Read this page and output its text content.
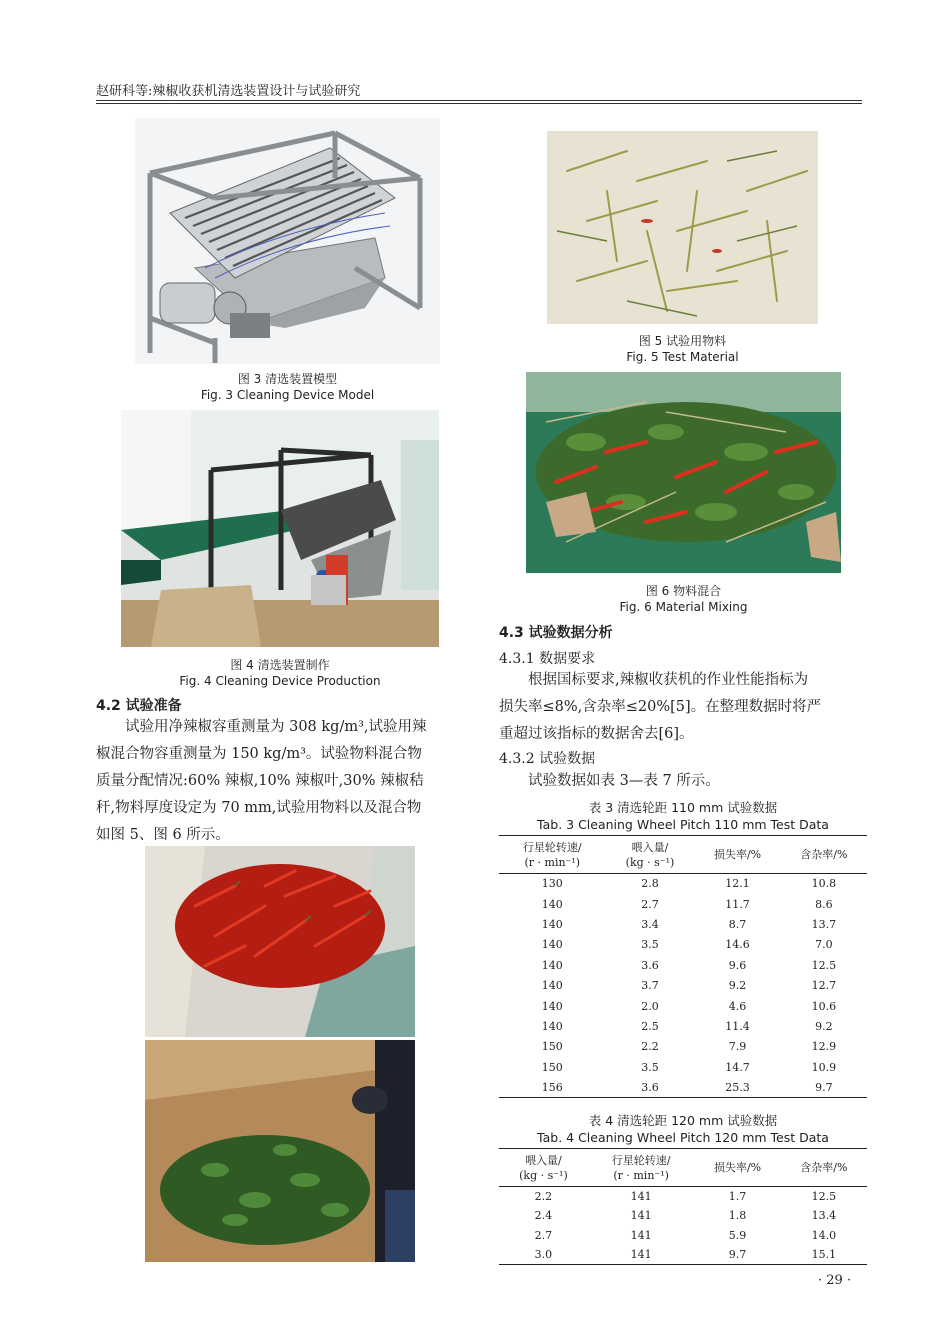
赵研科等:辣椒收获机清选装置设计与试验研究
图 3 清选装置模型
Fig. 3 Cleaning Device Model
图 4 清选装置制作
Fig. 4 Cleaning Device Production
4.2 试验准备
试验用净辣椒容重测量为 308 kg/m³,试验用辣
椒混合物容重测量为 150 kg/m³。试验物料混合物
质量分配情况:60% 辣椒,10% 辣椒叶,30% 辣椒秸
秆,物料厚度设定为 70 mm,试验用物料以及混合物
如图 5、图 6 所示。
图 5 试验用物料
Fig. 5 Test Material
图 6 物料混合
Fig. 6 Material Mixing
4.3 试验数据分析
4.3.1 数据要求
根据国标要求,辣椒收获机的作业性能指标为
损失率≤8%,含杂率≤20%[5]。在整理数据时将严
重超过该指标的数据舍去[6]。
4.3.2 试验数据
试验数据如表 3—表 7 所示。
表 3 清选轮距 110 mm 试验数据
Tab. 3 Cleaning Wheel Pitch 110 mm Test Data
行星轮转速/
(r · min⁻¹)	喂入量/
(kg · s⁻¹)	损失率/%	含杂率/%
130	2.8	12.1	10.8
140	2.7	11.7	8.6
140	3.4	8.7	13.7
140	3.5	14.6	7.0
140	3.6	9.6	12.5
140	3.7	9.2	12.7
140	2.0	4.6	10.6
140	2.5	11.4	9.2
150	2.2	7.9	12.9
150	3.5	14.7	10.9
156	3.6	25.3	9.7
表 4 清选轮距 120 mm 试验数据
Tab. 4 Cleaning Wheel Pitch 120 mm Test Data
喂入量/
(kg · s⁻¹)	行星轮转速/
(r · min⁻¹)	损失率/%	含杂率/%
2.2	141	1.7	12.5
2.4	141	1.8	13.4
2.7	141	5.9	14.0
3.0	141	9.7	15.1
· 29 ·
